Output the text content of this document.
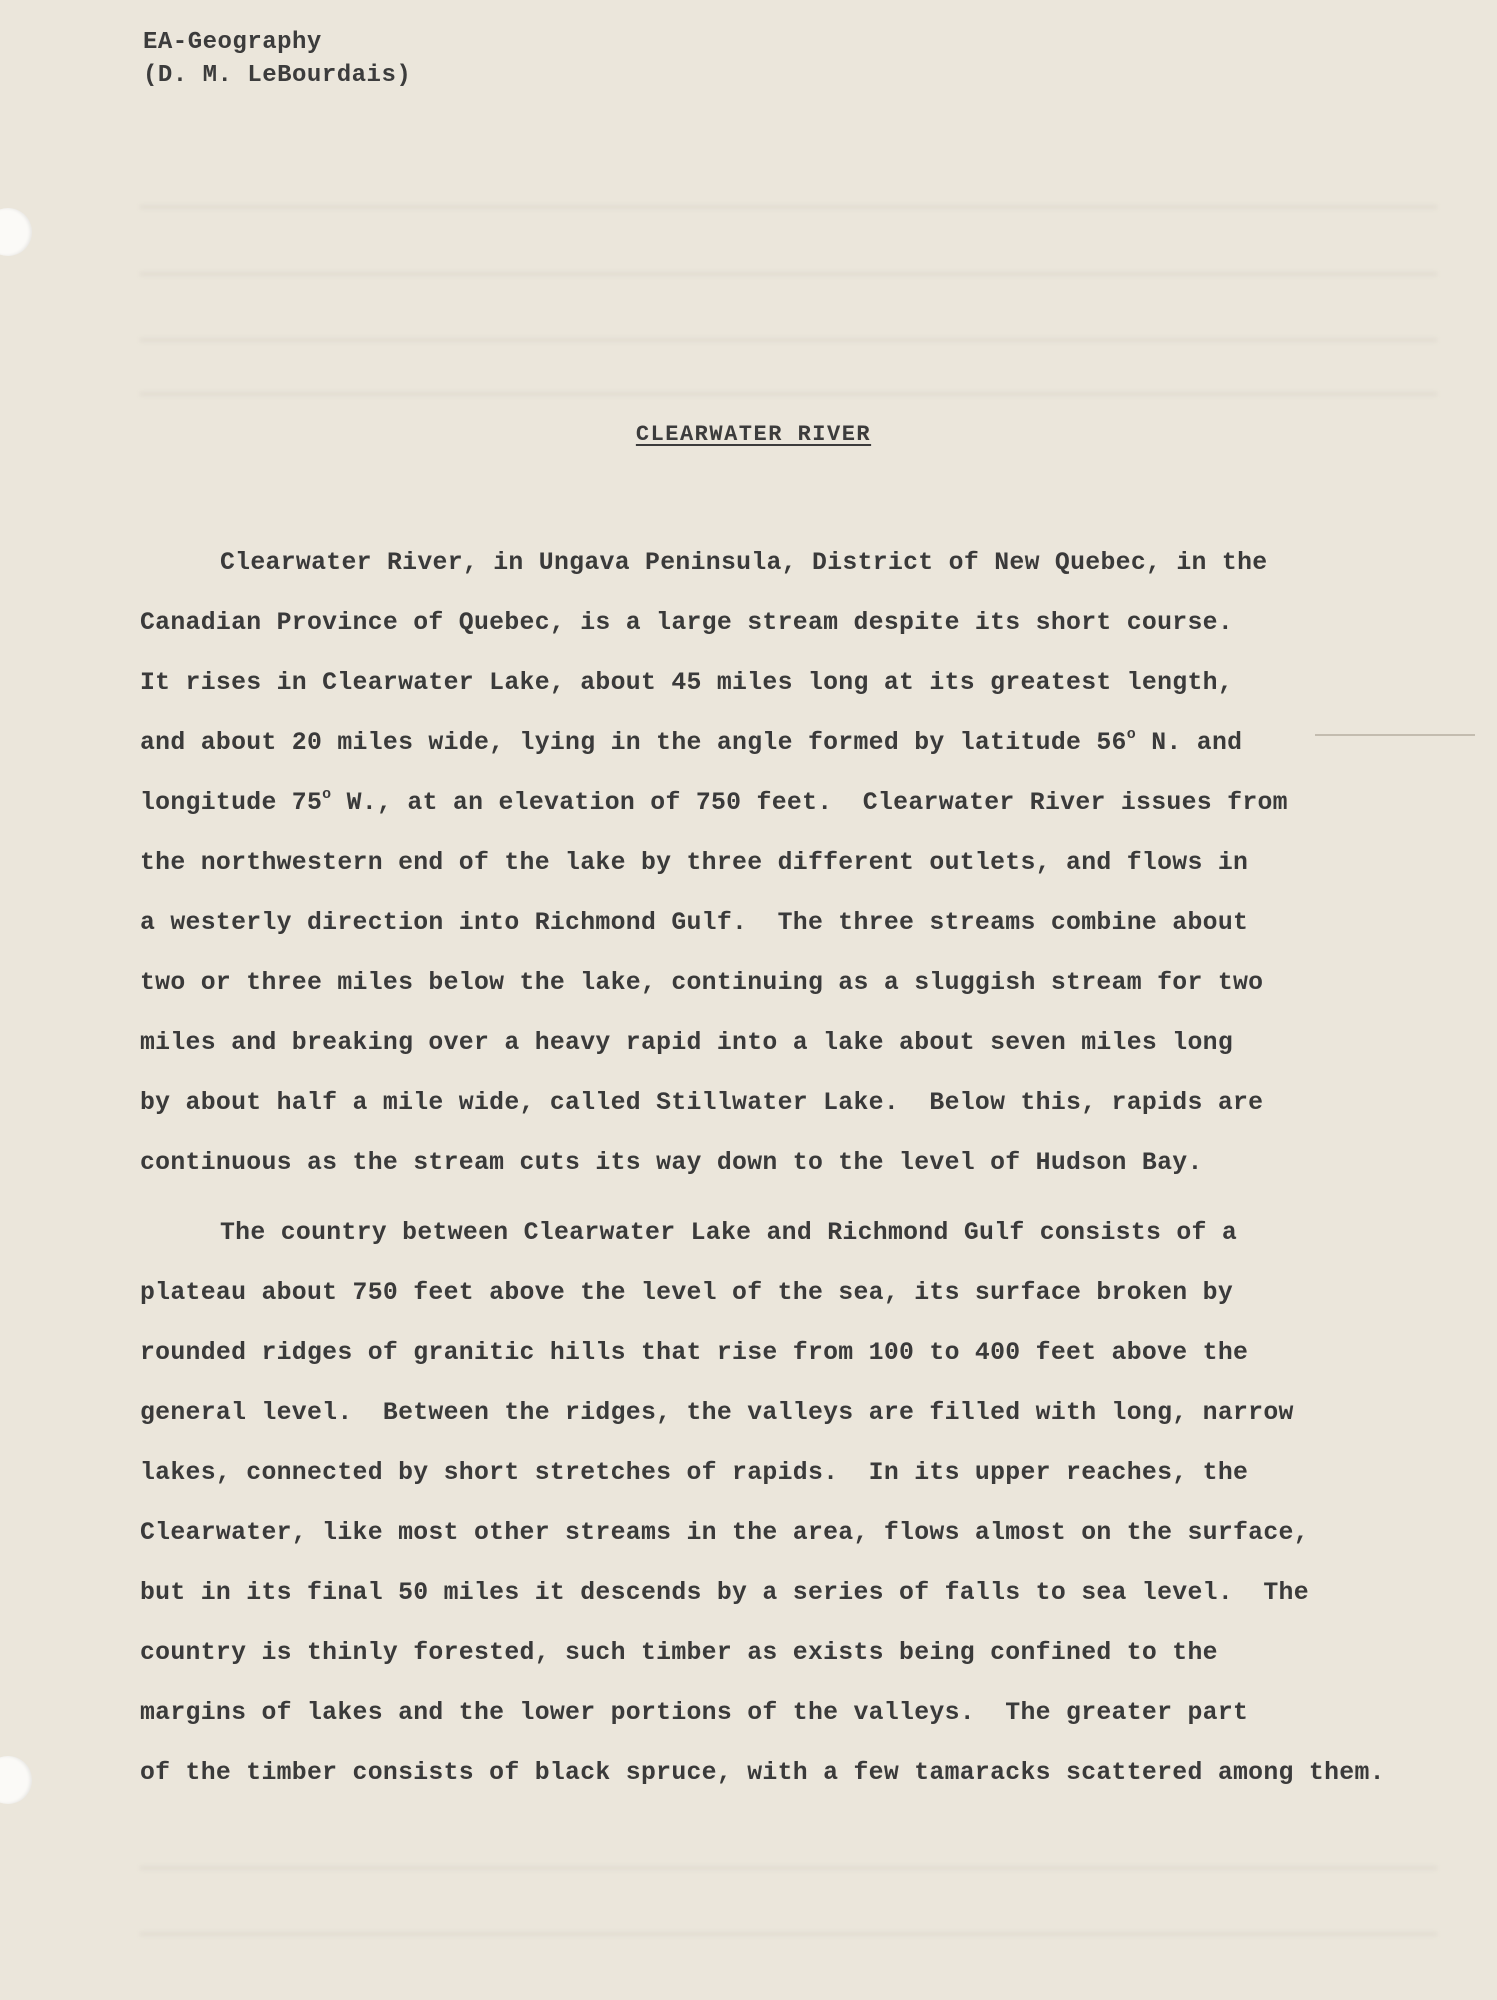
EA-Geography
(D. M. LeBourdais)
CLEARWATER RIVER
Clearwater River, in Ungava Peninsula, District of New Quebec, in the
Canadian Province of Quebec, is a large stream despite its short course.
It rises in Clearwater Lake, about 45 miles long at its greatest length,
and about 20 miles wide, lying in the angle formed by latitude 56$^o$ N. and
longitude 75$^o$ W., at an elevation of 750 feet.  Clearwater River issues from
the northwestern end of the lake by three different outlets, and flows in
a westerly direction into Richmond Gulf.  The three streams combine about
two or three miles below the lake, continuing as a sluggish stream for two
miles and breaking over a heavy rapid into a lake about seven miles long
by about half a mile wide, called Stillwater Lake.  Below this, rapids are
continuous as the stream cuts its way down to the level of Hudson Bay.
The country between Clearwater Lake and Richmond Gulf consists of a
plateau about 750 feet above the level of the sea, its surface broken by
rounded ridges of granitic hills that rise from 100 to 400 feet above the
general level.  Between the ridges, the valleys are filled with long, narrow
lakes, connected by short stretches of rapids.  In its upper reaches, the
Clearwater, like most other streams in the area, flows almost on the surface,
but in its final 50 miles it descends by a series of falls to sea level.  The
country is thinly forested, such timber as exists being confined to the
margins of lakes and the lower portions of the valleys.  The greater part
of the timber consists of black spruce, with a few tamaracks scattered among them.
